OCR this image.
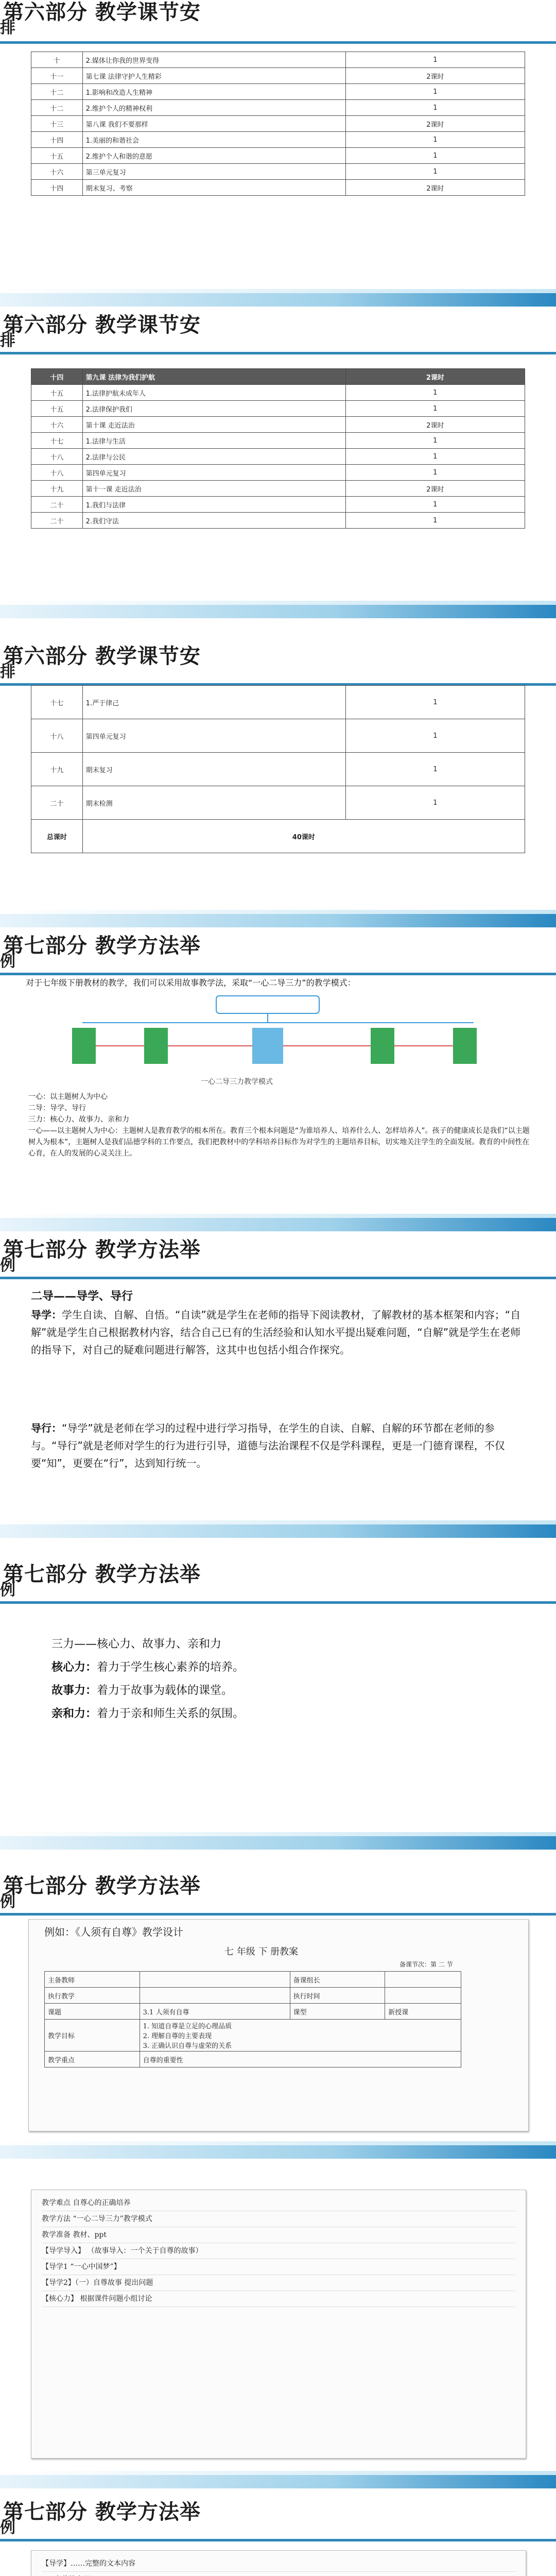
第六部分 教学课节安
排
十	2.媒体让你我的世界变得	1
十一	第七课 法律守护人生精彩	2课时
十二	1.影响和改造人生精神	1
十二	2.维护个人的精神权利	1
十三	第八课 我们不要那样	2课时
十四	1.美丽的和谐社会	1
十五	2.维护个人和谐的意愿	1
十六	第三单元复习	1
十四	期末复习、考察	2课时
第六部分 教学课节安
排
十四	第九课 法律为我们护航	2课时
十五	1.法律护航未成年人	1
十五	2.法律保护我们	1
十六	第十课 走近法治	2课时
十七	1.法律与生活	1
十八	2.法律与公民	1
十八	第四单元复习	1
十九	第十一课 走近法治	2课时
二十	1.我们与法律	1
二十	2.我们守法	1
第六部分 教学课节安
排
十七	1.严于律己	1
十八	第四单元复习	1
十九	期末复习	1
二十	期末检测	1
总课时	40课时	
第七部分 教学方法举
例
对于七年级下册教材的教学，我们可以采用故事教学法，采取“一心二导三力”的教学模式：
一心二导三力教学模式
一心：以主题树人为中心
二导：导学、导行
三力：核心力、故事力、亲和力
一心——以主题树人为中心：主题树人是教育教学的根本所在。教育三个根本问题是“为谁培养人、培养什么人、怎样培养人”。孩子的健康成长是我们“以主题树人为根本”，主题树人是我们品德学科的工作要点，我们把教材中的学科培养目标作为对学生的主题培养目标，切实地关注学生的全面发展。教育的中间性在心育，在人的发展的心灵关注上。
第七部分 教学方法举
例
二导——导学、导行
导学：学生自读、自解、自悟。“自读”就是学生在老师的指导下阅读教材，了解教材的基本框架和内容；“自解”就是学生自己根据教材内容，结合自己已有的生活经验和认知水平提出疑难问题，“自解”就是学生在老师的指导下，对自己的疑难问题进行解答，这其中也包括小组合作探究。
导行：“导学”就是老师在学习的过程中进行学习指导，在学生的自读、自解、自解的环节都在老师的参与。“导行”就是老师对学生的行为进行引导，道德与法治课程不仅是学科课程，更是一门德育课程，不仅要“知”，更要在“行”，达到知行统一。
第七部分 教学方法举
例
三力——核心力、故事力、亲和力
核心力：着力于学生核心素养的培养。
故事力：着力于故事为载体的课堂。
亲和力：着力于亲和师生关系的氛围。
第七部分 教学方法举
例
例如：《人须有自尊》教学设计
七 年级 下 册教案
备课节次：第 二 节
主备教师		备课组长	
执行教学		执行时间	
课题	3.1 人须有自尊	课型	新授课
教学目标	1. 知道自尊是立足的心理品质
2. 理解自尊的主要表现
3. 正确认识自尊与虚荣的关系		

教学重点	自尊的重要性		
教学难点 自尊心的正确培养
教学方法 “一心二导三力”教学模式
教学准备 教材、ppt
【导学导入】 （故事导入：一个关于自尊的故事）
【导学1 “一心中国梦”】
【导学2】（一）自尊故事 提出问题
【核心力】 根据课件问题小组讨论
第七部分 教学方法举
例
【导学】……完整的文本内容
